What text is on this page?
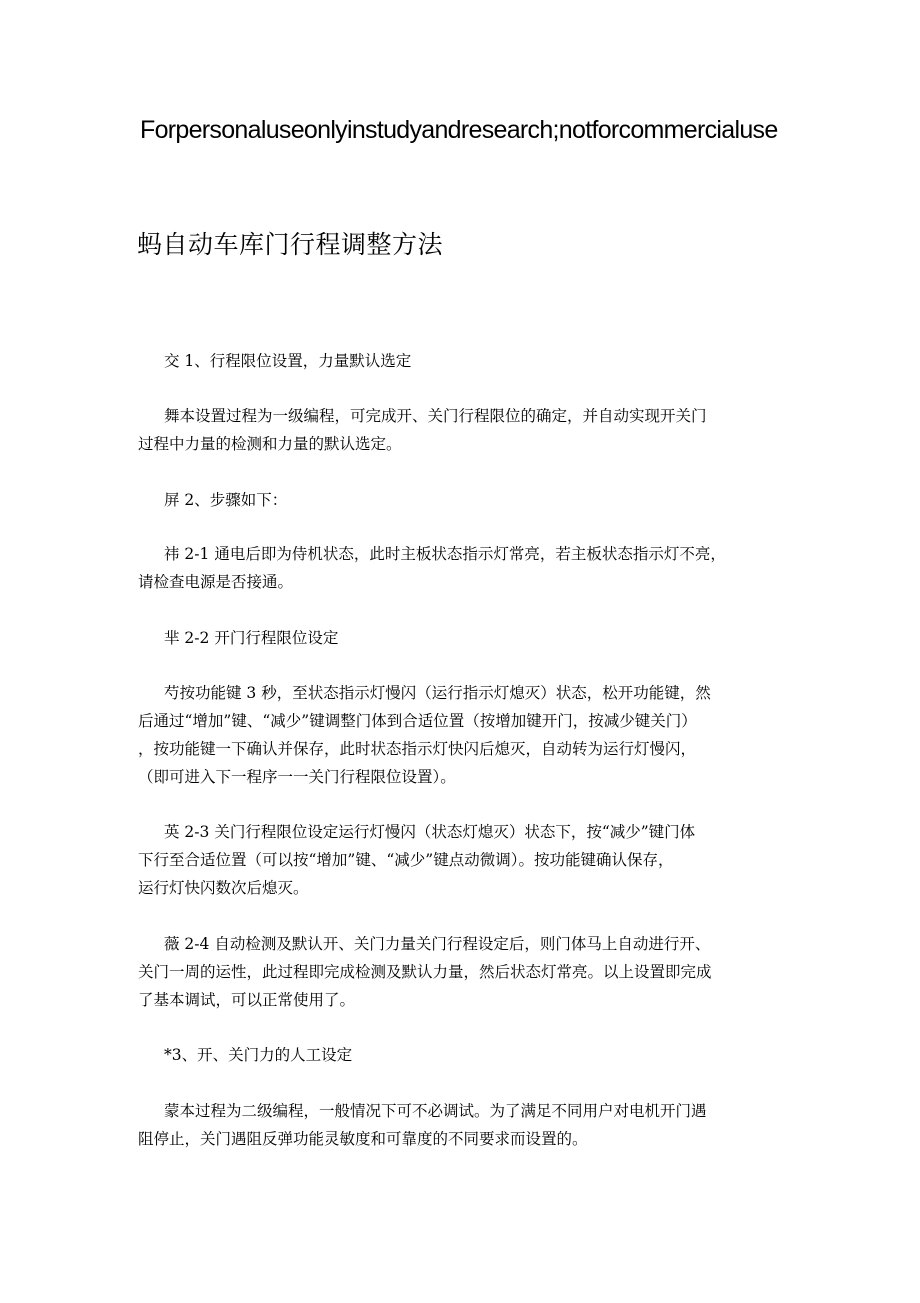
Forpersonaluseonlyinstudyandresearch;notforcommercialuse
蚂自动车库门行程调整方法

交 1、行程限位设置，力量默认选定

舞本设置过程为一级编程，可完成开、关门行程限位的确定，并自动实现开关门
过程中力量的检测和力量的默认选定。

屏 2、步骤如下：

祎 2-1 通电后即为侍机状态，此时主板状态指示灯常亮，若主板状态指示灯不亮，
请检查电源是否接通。

芈 2-2 开门行程限位设定

芍按功能键 3 秒，至状态指示灯慢闪（运行指示灯熄灭）状态，松开功能键，然
后通过“增加”键、“减少”键调整门体到合适位置（按增加键开门，按减少键关门）
，按功能键一下确认并保存，此时状态指示灯快闪后熄灭，自动转为运行灯慢闪，
（即可进入下一程序一一关门行程限位设置）。

英 2-3 关门行程限位设定运行灯慢闪（状态灯熄灭）状态下，按“减少”键门体
下行至合适位置（可以按“增加”键、“减少”键点动微调）。按功能键确认保存，
运行灯快闪数次后熄灭。

薇 2-4 自动检测及默认开、关门力量关门行程设定后，则门体马上自动进行开、
关门一周的运性，此过程即完成检测及默认力量，然后状态灯常亮。以上设置即完成
了基本调试，可以正常使用了。

*3、开、关门力的人工设定

蒙本过程为二级编程，一般情况下可不必调试。为了满足不同用户对电机开门遇
阻停止，关门遇阻反弹功能灵敏度和可靠度的不同要求而设置的。
